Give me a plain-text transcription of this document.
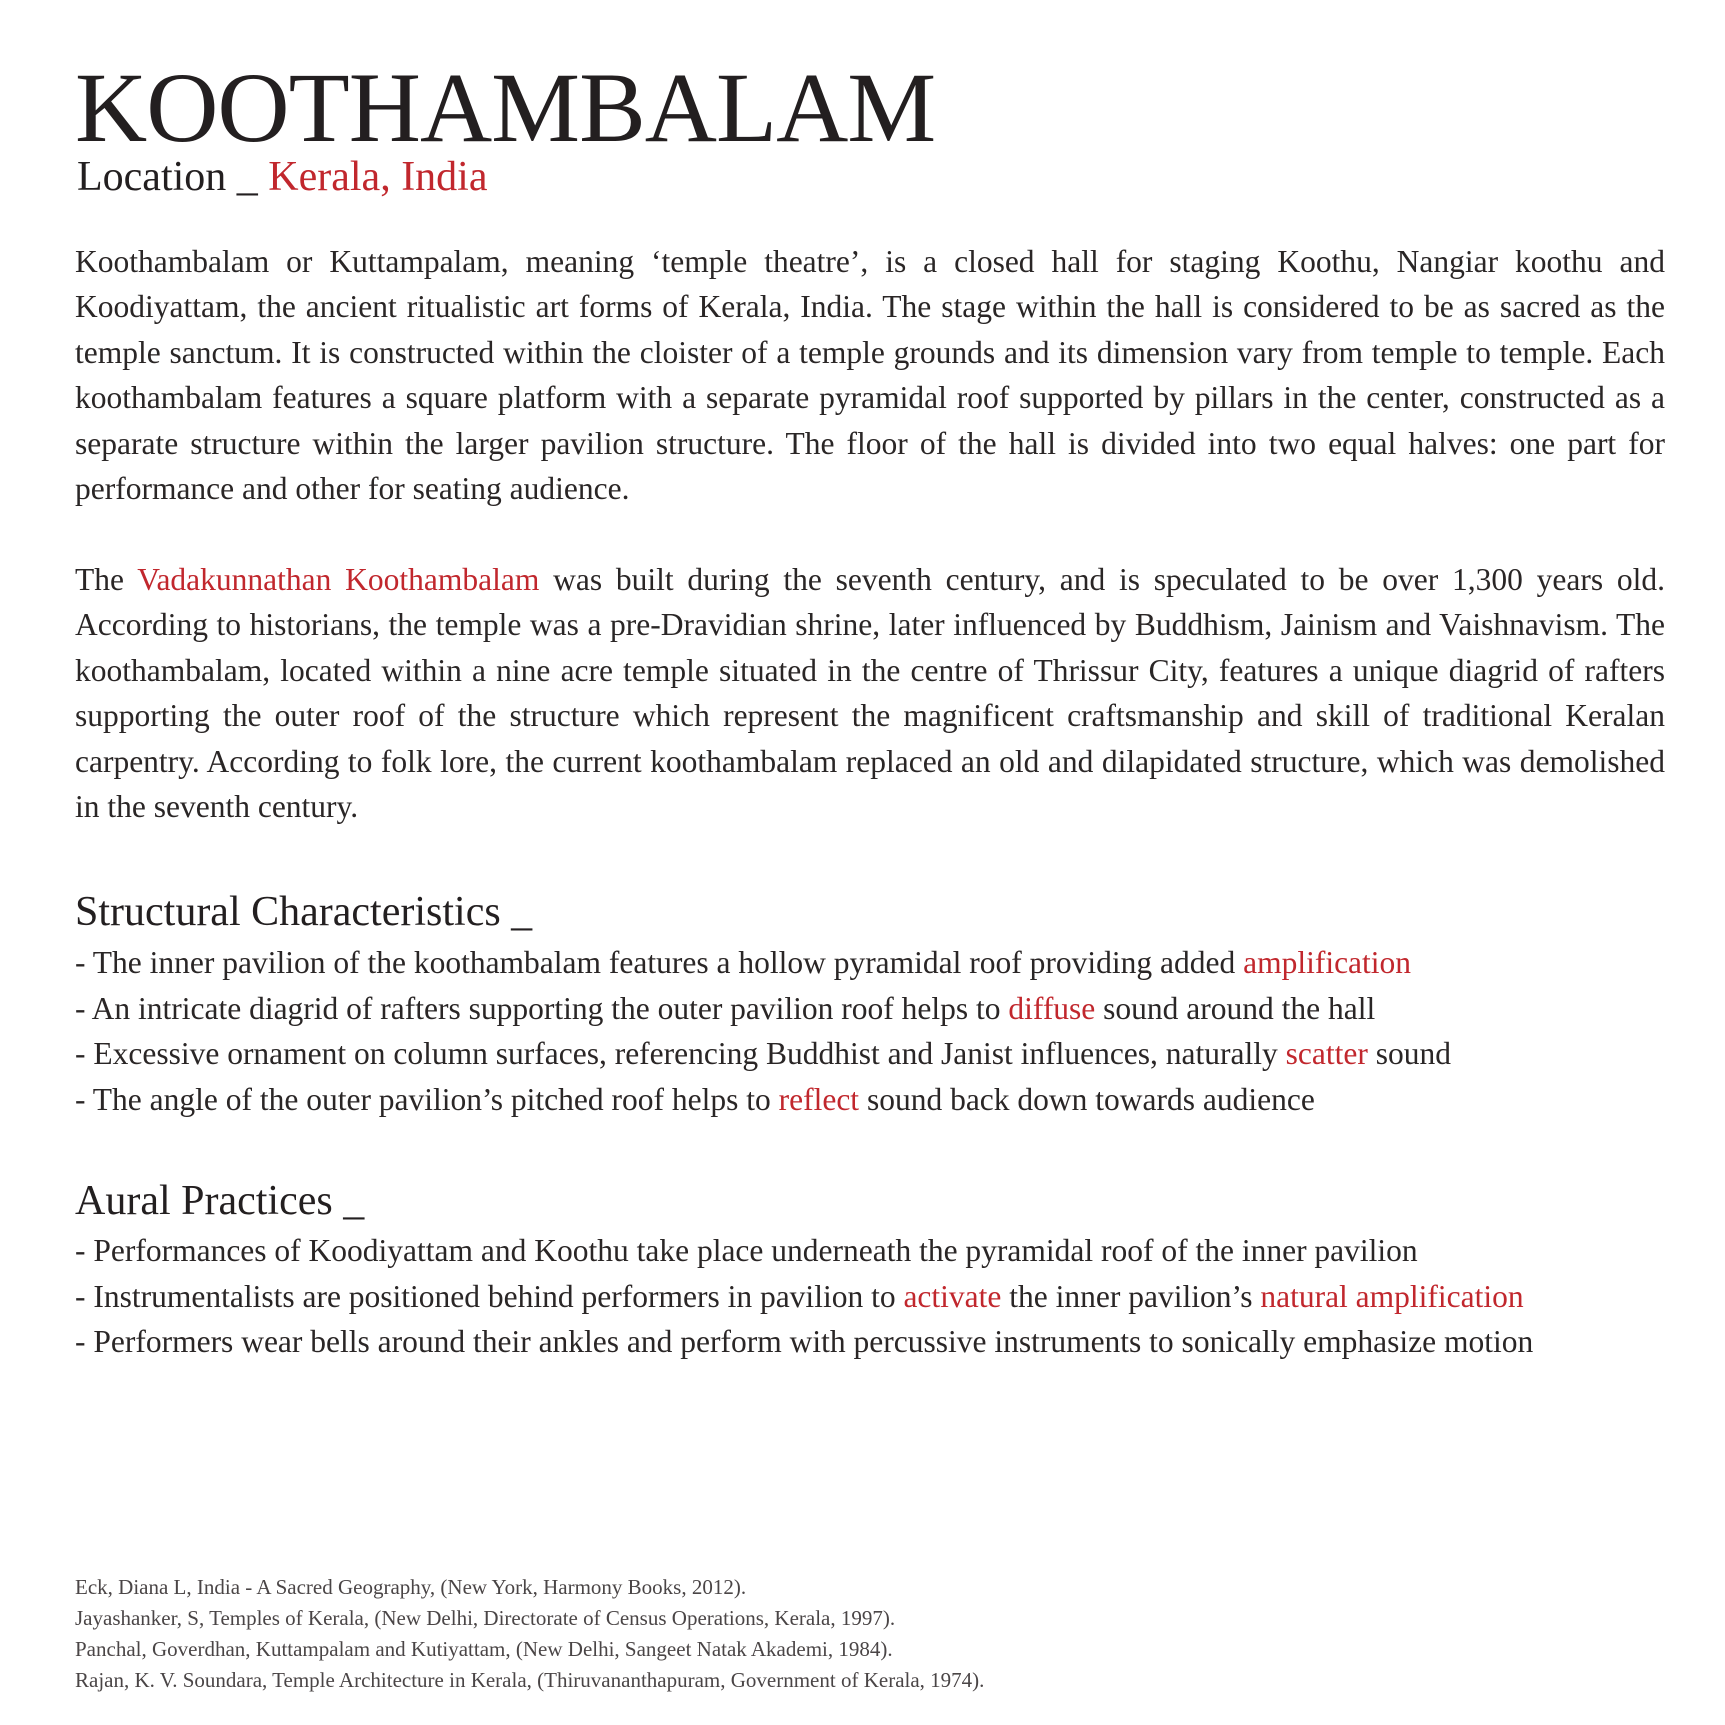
KOOTHAMBALAM
Location _ Kerala, India

Koothambalam or Kuttampalam, meaning ‘temple theatre’, is a closed hall for staging Koothu, Nangiar koothu and Koodiyattam, the ancient ritualistic art forms of Kerala, India. The stage within the hall is considered to be as sacred as the temple sanctum. It is constructed within the cloister of a temple grounds and its dimension vary from temple to temple. Each koothambalam features a square platform with a separate pyramidal roof supported by pillars in the center, constructed as a separate structure within the larger pavilion structure. The floor of the hall is divided into two equal halves: one part for performance and other for seating audience.

The Vadakunnathan Koothambalam was built during the seventh century, and is speculated to be over 1,300 years old. According to historians, the temple was a pre-Dravidian shrine, later influenced by Buddhism, Jainism and Vaishnavism. The koothambalam, located within a nine acre temple situated in the centre of Thrissur City, features a unique diagrid of rafters supporting the outer roof of the structure which represent the magnificent craftsmanship and skill of traditional Keralan carpentry. According to folk lore, the current koothambalam replaced an old and dilapidated structure, which was demolished in the seventh century.

Structural Characteristics _
- The inner pavilion of the koothambalam features a hollow pyramidal roof providing added amplification
- An intricate diagrid of rafters supporting the outer pavilion roof helps to diffuse sound around the hall
- Excessive ornament on column surfaces, referencing Buddhist and Janist influences, naturally scatter sound
- The angle of the outer pavilion’s pitched roof helps to reflect sound back down towards audience
Aural Practices _
- Performances of Koodiyattam and Koothu take place underneath the pyramidal roof of the inner pavilion
- Instrumentalists are positioned behind performers in pavilion to activate the inner pavilion’s natural amplification
- Performers wear bells around their ankles and perform with percussive instruments to sonically emphasize motion
Eck, Diana L, India - A Sacred Geography, (New York, Harmony Books, 2012).
Jayashanker, S, Temples of Kerala, (New Delhi, Directorate of Census Operations, Kerala, 1997).
Panchal, Goverdhan, Kuttampalam and Kutiyattam, (New Delhi, Sangeet Natak Akademi, 1984).
Rajan, K. V. Soundara, Temple Architecture in Kerala, (Thiruvananthapuram, Government of Kerala, 1974).
